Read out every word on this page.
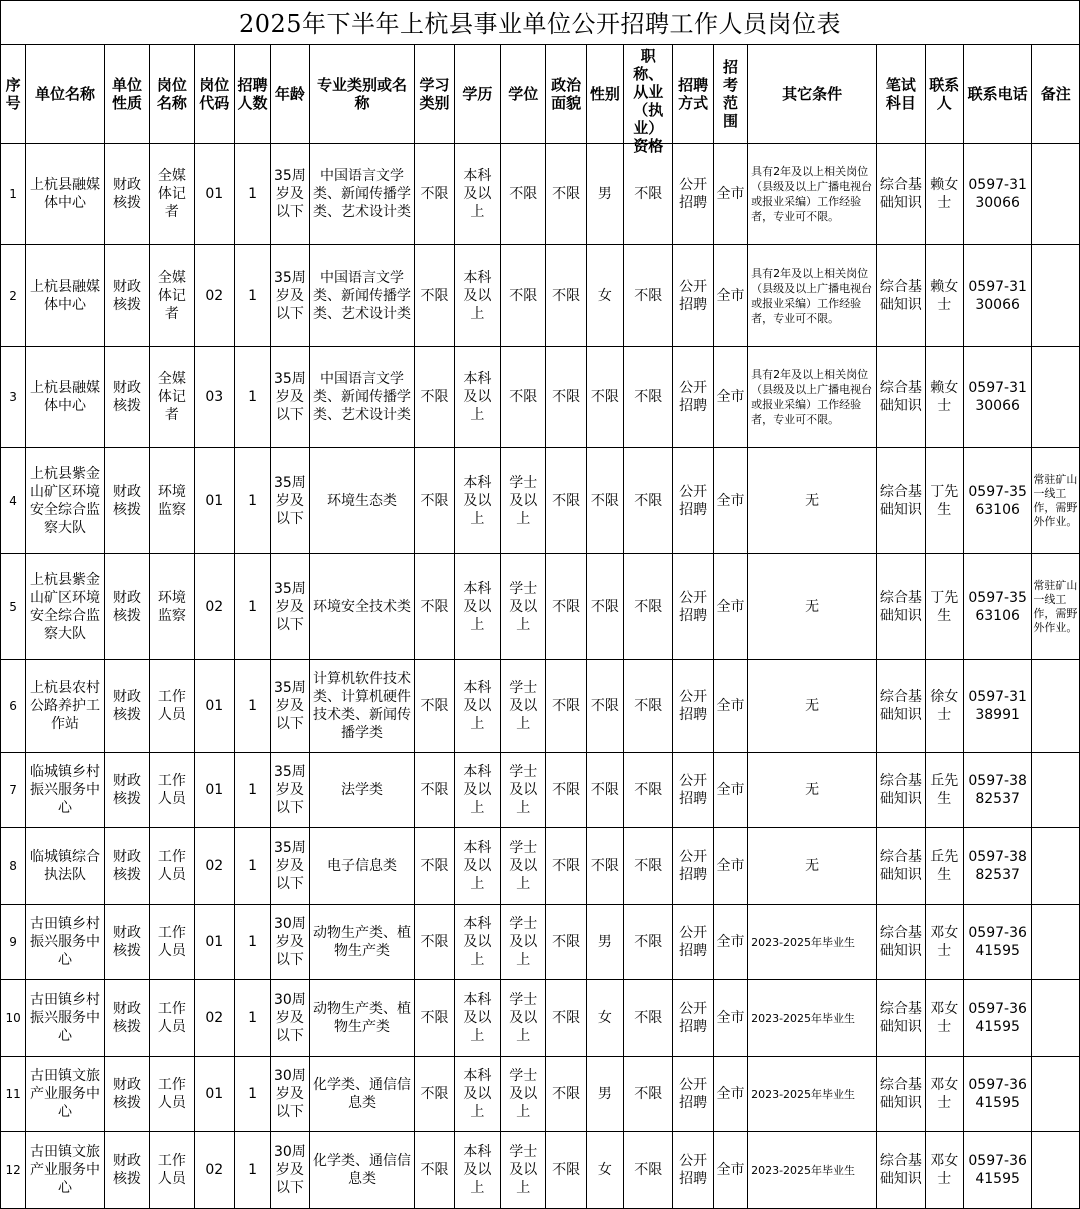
2025年下半年上杭县事业单位公开招聘工作人员岗位表
序号	单位名称	单位性质	岗位名称	岗位代码	招聘人数	年龄	专业类别或名称	学习类别	学历	学位	政治面貌	性别	职称、从业（执业）资格	招聘方式	招考范围	其它条件	笔试科目	联系人	联系电话	备注

1	上杭县融媒体中心	财政核拨	全媒体记者	01	1	35周岁及以下	中国语言文学类、新闻传播学类、艺术设计类	不限	本科及以上	不限	不限	男	不限	公开招聘	全市	具有2年及以上相关岗位（县级及以上广播电视台或报业采编）工作经验者，专业可不限。	综合基础知识	赖女士	0597-3130066	
2	上杭县融媒体中心	财政核拨	全媒体记者	02	1	35周岁及以下	中国语言文学类、新闻传播学类、艺术设计类	不限	本科及以上	不限	不限	女	不限	公开招聘	全市	具有2年及以上相关岗位（县级及以上广播电视台或报业采编）工作经验者，专业可不限。	综合基础知识	赖女士	0597-3130066	
3	上杭县融媒体中心	财政核拨	全媒体记者	03	1	35周岁及以下	中国语言文学类、新闻传播学类、艺术设计类	不限	本科及以上	不限	不限	不限	不限	公开招聘	全市	具有2年及以上相关岗位（县级及以上广播电视台或报业采编）工作经验者，专业可不限。	综合基础知识	赖女士	0597-3130066	
4	上杭县紫金山矿区环境安全综合监察大队	财政核拨	环境监察	01	1	35周岁及以下	环境生态类	不限	本科及以上	学士及以上	不限	不限	不限	公开招聘	全市	无	综合基础知识	丁先生	0597-3563106	常驻矿山一线工作，需野外作业。
5	上杭县紫金山矿区环境安全综合监察大队	财政核拨	环境监察	02	1	35周岁及以下	环境安全技术类	不限	本科及以上	学士及以上	不限	不限	不限	公开招聘	全市	无	综合基础知识	丁先生	0597-3563106	常驻矿山一线工作，需野外作业。
6	上杭县农村公路养护工作站	财政核拨	工作人员	01	1	35周岁及以下	计算机软件技术类、计算机硬件技术类、新闻传播学类	不限	本科及以上	学士及以上	不限	不限	不限	公开招聘	全市	无	综合基础知识	徐女士	0597-3138991	
7	临城镇乡村振兴服务中心	财政核拨	工作人员	01	1	35周岁及以下	法学类	不限	本科及以上	学士及以上	不限	不限	不限	公开招聘	全市	无	综合基础知识	丘先生	0597-3882537	
8	临城镇综合执法队	财政核拨	工作人员	02	1	35周岁及以下	电子信息类	不限	本科及以上	学士及以上	不限	不限	不限	公开招聘	全市	无	综合基础知识	丘先生	0597-3882537	
9	古田镇乡村振兴服务中心	财政核拨	工作人员	01	1	30周岁及以下	动物生产类、植物生产类	不限	本科及以上	学士及以上	不限	男	不限	公开招聘	全市	2023-2025年毕业生	综合基础知识	邓女士	0597-3641595	
10	古田镇乡村振兴服务中心	财政核拨	工作人员	02	1	30周岁及以下	动物生产类、植物生产类	不限	本科及以上	学士及以上	不限	女	不限	公开招聘	全市	2023-2025年毕业生	综合基础知识	邓女士	0597-3641595	
11	古田镇文旅产业服务中心	财政核拨	工作人员	01	1	30周岁及以下	化学类、通信信息类	不限	本科及以上	学士及以上	不限	男	不限	公开招聘	全市	2023-2025年毕业生	综合基础知识	邓女士	0597-3641595	
12	古田镇文旅产业服务中心	财政核拨	工作人员	02	1	30周岁及以下	化学类、通信信息类	不限	本科及以上	学士及以上	不限	女	不限	公开招聘	全市	2023-2025年毕业生	综合基础知识	邓女士	0597-3641595	
